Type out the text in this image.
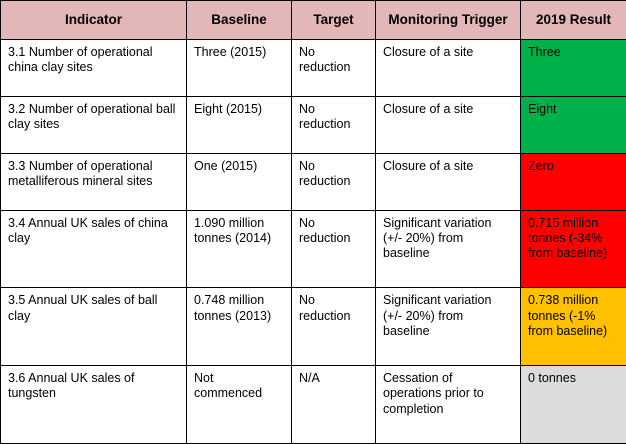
Indicator	Baseline	Target	Monitoring Trigger	2019 Result
3.1 Number of operational china clay sites	Three (2015)	No reduction	Closure of a site	Three
3.2 Number of operational ball clay sites	Eight (2015)	No reduction	Closure of a site	Eight
3.3 Number of operational metalliferous mineral sites	One (2015)	No reduction	Closure of a site	Zero
3.4 Annual UK sales of china clay	1.090 million tonnes (2014)	No reduction	Significant variation (+/- 20%) from baseline	0.715 million tonnes (-34% from baseline)
3.5 Annual UK sales of ball clay	0.748 million tonnes (2013)	No reduction	Significant variation (+/- 20%) from baseline	0.738 million tonnes (-1% from baseline)
3.6 Annual UK sales of tungsten	Not commenced	N/A	Cessation of operations prior to completion	0 tonnes
